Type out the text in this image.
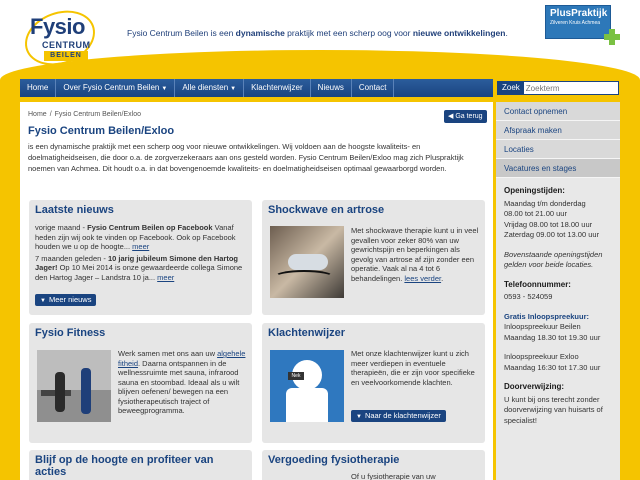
Fysio
CENTRUM
BEILEN
Fysio Centrum Beilen is een dynamische praktijk met een scherp oog voor nieuwe ontwikkelingen.
PlusPraktijk
Zilveren Kruis Achmea
Home	Over Fysio Centrum Beilen ▼	Alle diensten ▼	Klachtenwijzer	Nieuws	Contact	Zoek
Zoekterm
Home / Fysio Centrum Beilen/Exloo	◀ Ga terug
Fysio Centrum Beilen/Exloo
is een dynamische praktijk met een scherp oog voor nieuwe ontwikkelingen. Wij voldoen aan de hoogste kwaliteits- en doelmatigheidseisen, die door o.a. de zorgverzekeraars aan ons gesteld worden. Fysio Centrum Beilen/Exloo mag zich Pluspraktijk noemen van Achmea. Dit houdt o.a. in dat bovengenoemde kwaliteits- en doelmatigheidseisen optimaal gewaarborgd worden.
Laatste nieuws
vorige maand - Fysio Centrum Beilen op Facebook Vanaf heden zijn wij ook te vinden op Facebook. Ook op Facebook houden we u op de hoogte... meer
7 maanden geleden - 10 jarig jubileum Simone den Hartog Jager! Op 10 Mei 2014 is onze gewaardeerde collega Simone den Hartog Jager – Landstra 10 ja... meer
▼ Meer nieuws
Shockwave en artrose
Met shockwave therapie kunt u in veel gevallen voor zeker 80% van uw gewrichtspijn en beperkingen als gevolg van artrose af zijn zonder een operatie. Vaak al na 4 tot 6 behandelingen. lees verder.
Fysio Fitness
Werk samen met ons aan uw algehele fitheid. Daarna ontspannen in de wellnessruimte met sauna, infrarood sauna en stoombad. Ideaal als u wilt blijven oefenen/ bewegen na een fysiotherapeutisch traject of beweegprogramma.
Klachtenwijzer
Nek
Met onze klachtenwijzer kunt u zich meer verdiepen in eventuele therapieën, die er zijn voor specifieke en veelvoorkomende klachten.
▼ Naar de klachtenwijzer
Blijf op de hoogte en profiteer van acties
Vergoeding fysiotherapie
Of u fysiotherapie van uw
Contact opnemen
Afspraak maken
Locaties
Vacatures en stages
Openingstijden:
Maandag t/m donderdag
08.00 tot 21.00 uur
Vrijdag 08.00 tot 18.00 uur
Zaterdag 09.00 tot 13.00 uur
Bovenstaande openingstijden gelden voor beide locaties.
Telefoonnummer:
0593 - 524059
Gratis Inloopspreekuur:
Inloopspreekuur Beilen
Maandag 18.30 tot 19.30 uur
Inloopspreekuur Exloo
Maandag 16:30 tot 17.30 uur
Doorverwijzing:
U kunt bij ons terecht zonder doorverwijzing van huisarts of specialist!
